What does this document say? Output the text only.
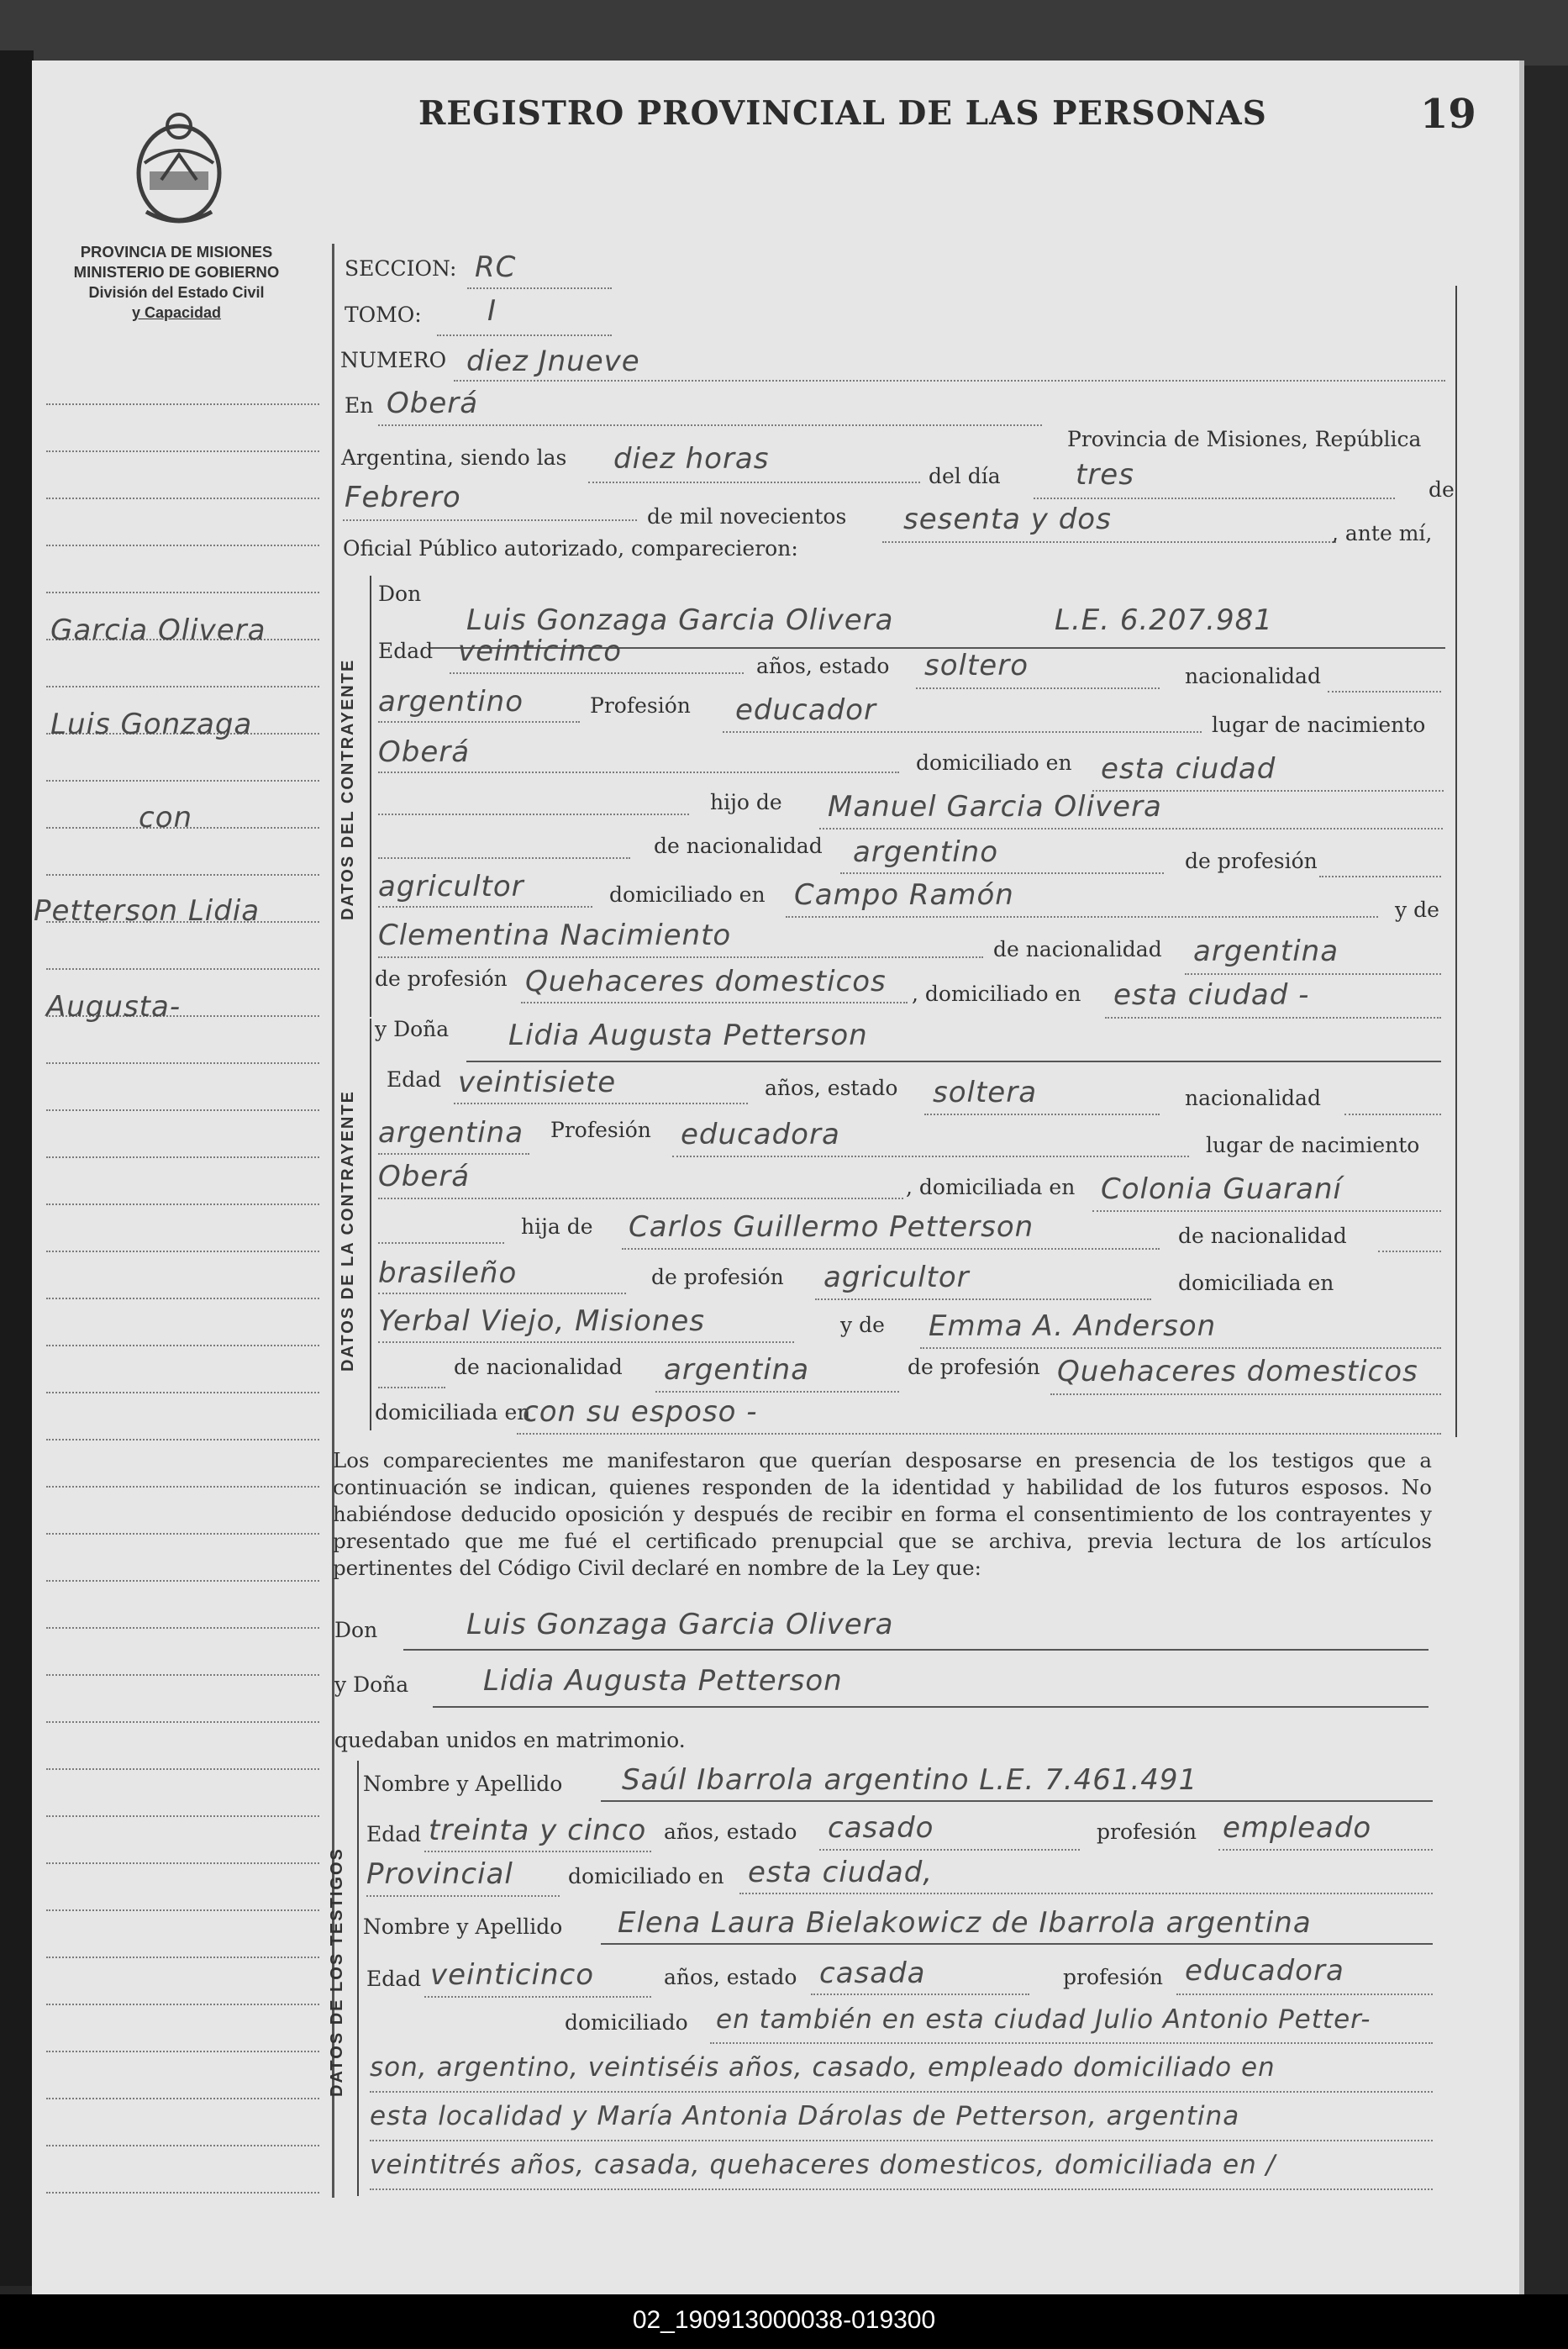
REGISTRO PROVINCIAL DE LAS PERSONAS	19
PROVINCIA DE MISIONES
MINISTERIO DE GOBIERNO
División del Estado Civil
y Capacidad
Garcia Olivera
Luis Gonzaga
con
Petterson Lidia
Augusta-
SECCION: RC
TOMO: I
NUMERO diez Jnueve
En Oberá
Provincia de Misiones, República
Argentina, siendo las diez horas
del día	tres	de
Febrero
de mil novecientos sesenta y dos	, ante mí,
Oficial Público autorizado, comparecieron:
DATOS DEL CONTRAYENTE
Don
Luis Gonzaga Garcia Olivera	L.E. 6.207.981
Edad veinticinco	años, estado soltero	nacionalidad
argentino	Profesión educador	lugar de nacimiento
Oberá	domiciliado en esta ciudad
hijo de Manuel Garcia Olivera
de nacionalidad argentino	de profesión
agricultor	domiciliado en Campo Ramón	y de
Clementina Nacimiento	de nacionalidad argentina
de profesión Quehaceres domesticos , domiciliado en esta ciudad -
DATOS DE LA CONTRAYENTE
y Doña Lidia Augusta Petterson
Edad veintisiete	años, estado soltera	nacionalidad
argentina Profesión educadora	lugar de nacimiento
Oberá	, domiciliada en Colonia Guaraní
hija de Carlos Guillermo Petterson	de nacionalidad
brasileño	de profesión agricultor	domiciliada en
Yerbal Viejo, Misiones	y de Emma A. Anderson
de nacionalidad argentina	de profesión Quehaceres domesticos
domiciliada en
con su esposo -
Los comparecientes me manifestaron que querían desposarse en presencia de los testigos que a continuación se indican, quienes responden de la identidad y habilidad de los futuros esposos. No habiéndose deducido oposición y después de recibir en forma el consentimiento de los contrayentes y presentado que me fué el certificado prenupcial que se archiva, previa lectura de los artículos pertinentes del Código Civil declaré en nombre de la Ley que:
Don	Luis Gonzaga Garcia Olivera
y Doña	Lidia Augusta Petterson
quedaban unidos en matrimonio.
DATOS DE LOS TESTIGOS
Nombre y Apellido Saúl Ibarrola argentino L.E. 7.461.491
Edad treinta y cinco años, estado casado	profesión empleado
Provincial	domiciliado en esta ciudad,
Nombre y Apellido Elena Laura Bielakowicz de Ibarrola argentina
Edad veinticinco	años, estado casada	profesión educadora
domiciliado en también en esta ciudad Julio Antonio Petter-
son, argentino, veintiséis años, casado, empleado domiciliado en
esta localidad y María Antonia Dárolas de Petterson, argentina
veintitrés años, casada, quehaceres domesticos, domiciliada en /
02_190913000038-019300
